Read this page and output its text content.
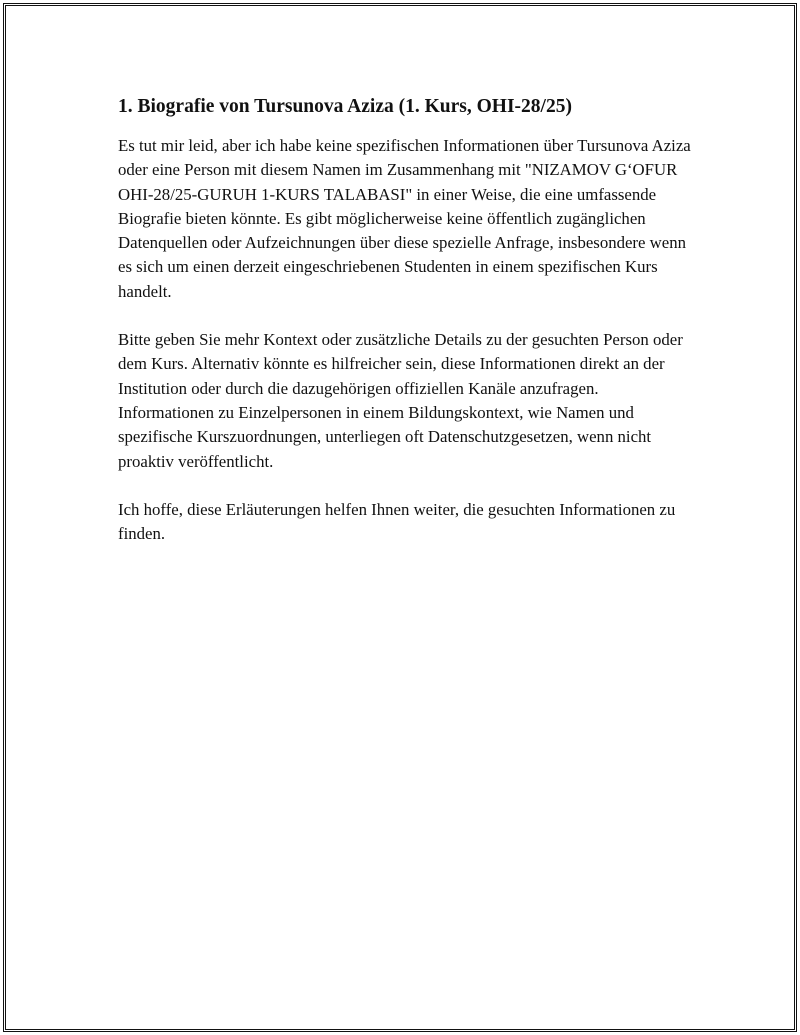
1. Biografie von Tursunova Aziza (1. Kurs, OHI-28/25)

Es tut mir leid, aber ich habe keine spezifischen Informationen über Tursunova Aziza oder eine Person mit diesem Namen im Zusammenhang mit "NIZAMOV G‘OFUR OHI-28/25-GURUH 1-KURS TALABASI" in einer Weise, die eine umfassende Biografie bieten könnte. Es gibt möglicherweise keine öffentlich zugänglichen Datenquellen oder Aufzeichnungen über diese spezielle Anfrage, insbesondere wenn es sich um einen derzeit eingeschriebenen Studenten in einem spezifischen Kurs handelt.

Bitte geben Sie mehr Kontext oder zusätzliche Details zu der gesuchten Person oder dem Kurs. Alternativ könnte es hilfreicher sein, diese Informationen direkt an der Institution oder durch die dazugehörigen offiziellen Kanäle anzufragen. Informationen zu Einzelpersonen in einem Bildungskontext, wie Namen und spezifische Kurszuordnungen, unterliegen oft Datenschutzgesetzen, wenn nicht proaktiv veröffentlicht.

Ich hoffe, diese Erläuterungen helfen Ihnen weiter, die gesuchten Informationen zu finden.
